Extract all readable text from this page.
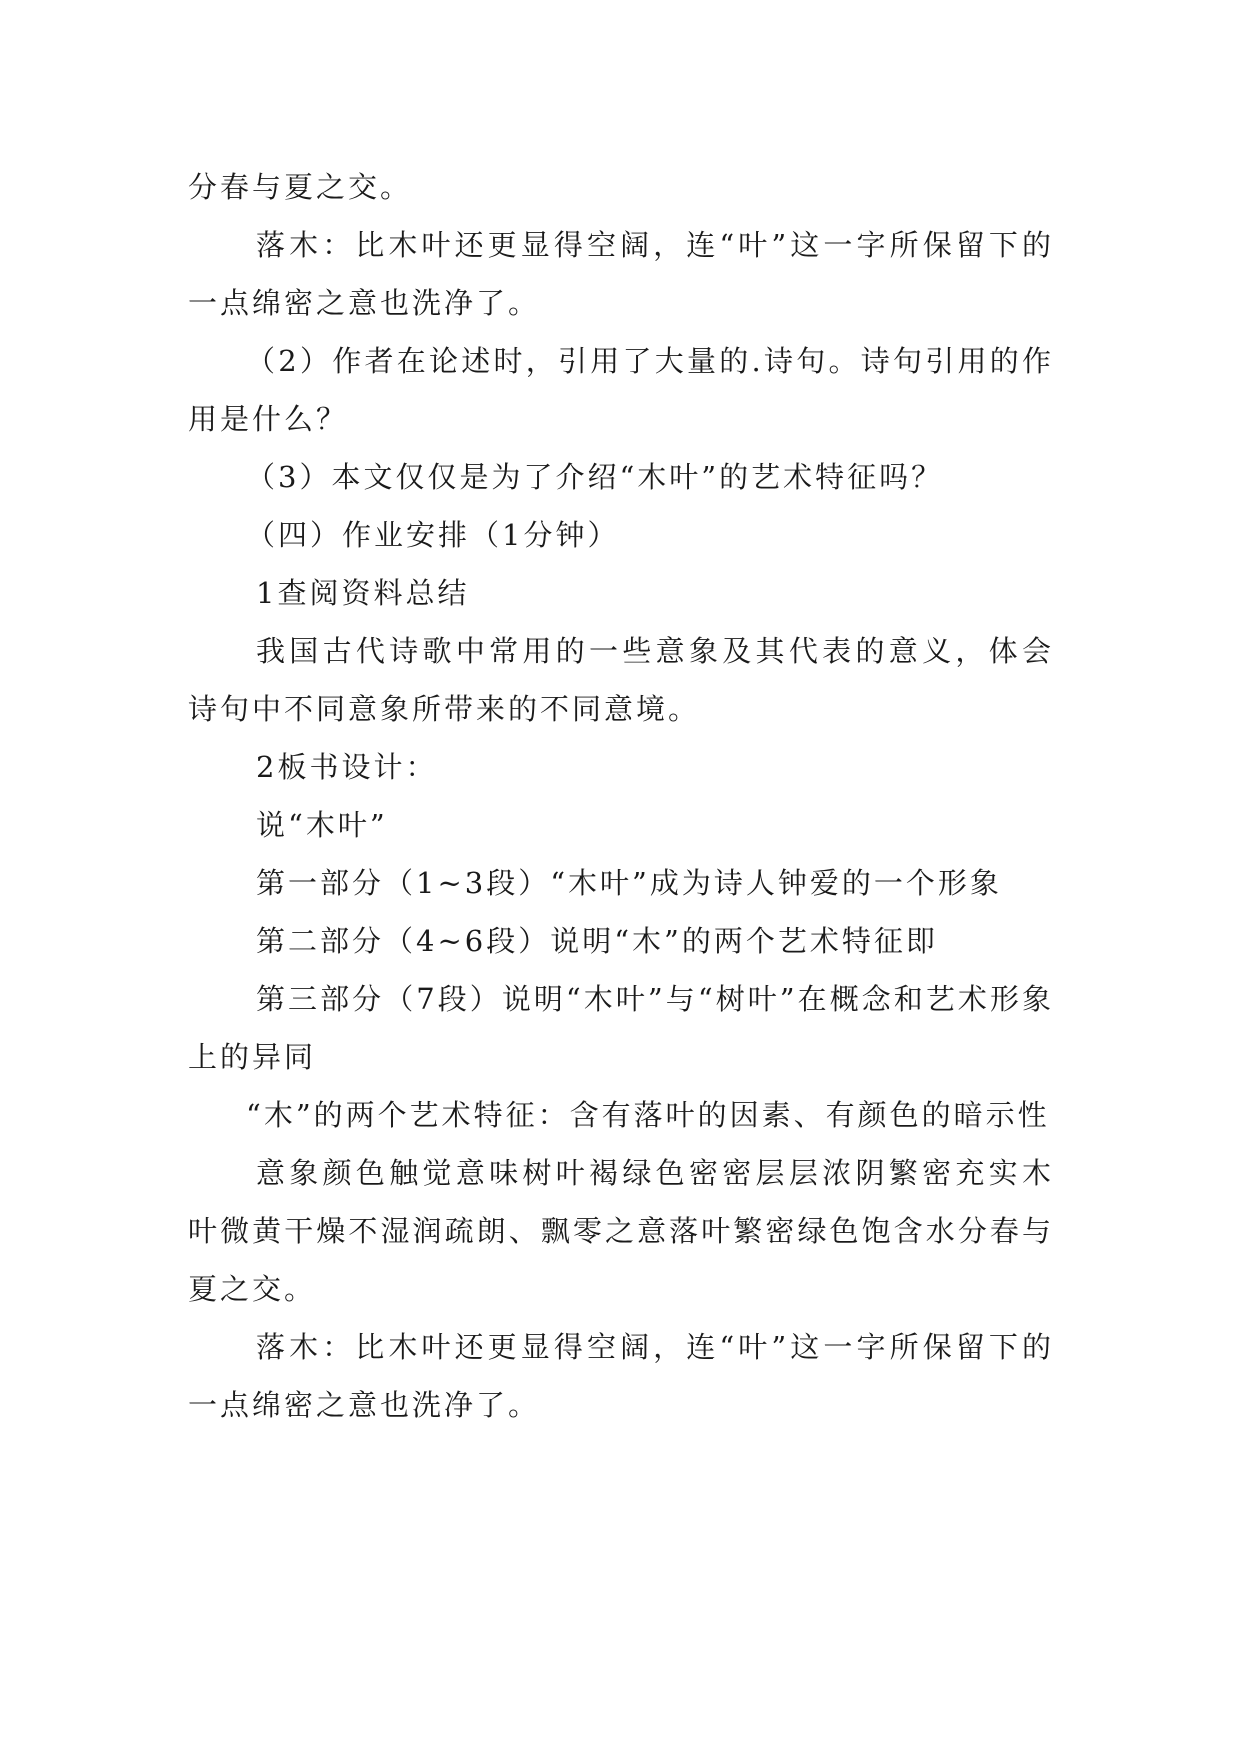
分春与夏之交。

落木：比木叶还更显得空阔，连“叶”这一字所保留下的一点绵密之意也洗净了。

（2）作者在论述时，引用了大量的.诗句。诗句引用的作用是什么？

（3）本文仅仅是为了介绍“木叶”的艺术特征吗？

（四）作业安排（1分钟）

1查阅资料总结

我国古代诗歌中常用的一些意象及其代表的意义，体会诗句中不同意象所带来的不同意境。

2板书设计：

说“木叶”

第一部分（1~3段）“木叶”成为诗人钟爱的一个形象

第二部分（4~6段）说明“木”的两个艺术特征即

第三部分（7段）说明“木叶”与“树叶”在概念和艺术形象上的异同

“木”的两个艺术特征：含有落叶的因素、有颜色的暗示性

意象颜色触觉意味树叶褐绿色密密层层浓阴繁密充实木叶微黄干燥不湿润疏朗、飘零之意落叶繁密绿色饱含水分春与夏之交。

落木：比木叶还更显得空阔，连“叶”这一字所保留下的一点绵密之意也洗净了。
